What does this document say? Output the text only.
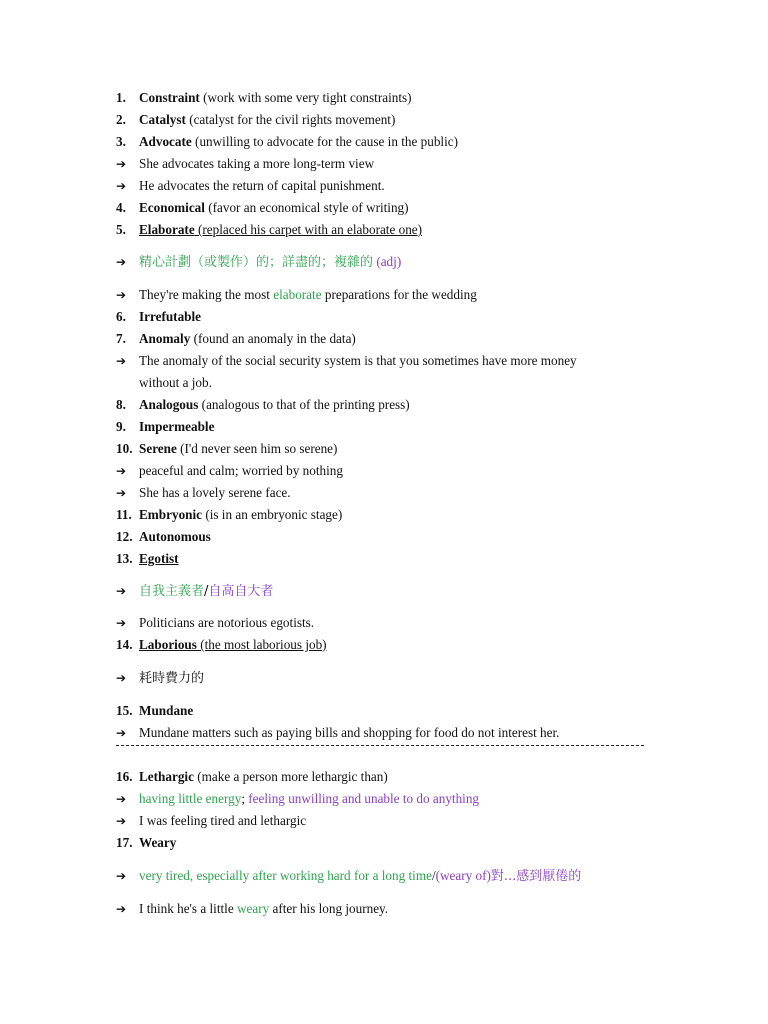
1. Constraint (work with some very tight constraints)
2. Catalyst (catalyst for the civil rights movement)
3. Advocate (unwilling to advocate for the cause in the public)
➔ She advocates taking a more long-term view
➔ He advocates the return of capital punishment.
4. Economical (favor an economical style of writing)
5. Elaborate (replaced his carpet with an elaborate one)
➔ 精心計劃（或製作）的；詳盡的；複雜的 (adj)
➔ They're making the most elaborate preparations for the wedding
6. Irrefutable
7. Anomaly (found an anomaly in the data)
➔ The anomaly of the social security system is that you sometimes have more money
without a job.
8. Analogous (analogous to that of the printing press)
9. Impermeable
10. Serene (I'd never seen him so serene)
➔ peaceful and calm; worried by nothing
➔ She has a lovely serene face.
11. Embryonic (is in an embryonic stage)
12. Autonomous
13. Egotist
➔ 自我主義者/自高自大者
➔ Politicians are notorious egotists.
14. Laborious (the most laborious job)
➔ 耗時費力的
15. Mundane
➔ Mundane matters such as paying bills and shopping for food do not interest her.
16. Lethargic (make a person more lethargic than)
➔ having little energy; feeling unwilling and unable to do anything
➔ I was feeling tired and lethargic
17. Weary
➔ very tired, especially after working hard for a long time/(weary of)對...感到厭倦的
➔ I think he's a little weary after his long journey.
